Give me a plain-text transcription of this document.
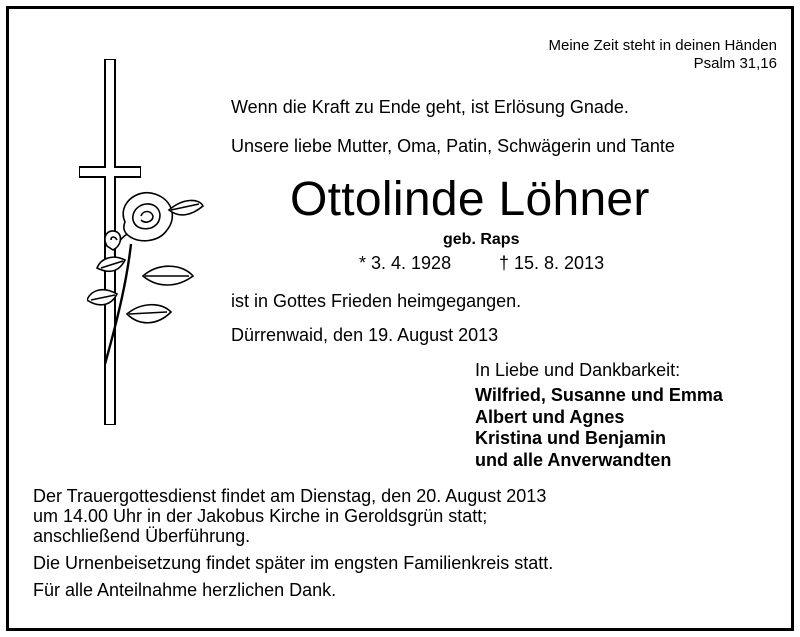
Meine Zeit steht in deinen Händen
Psalm 31,16
Wenn die Kraft zu Ende geht, ist Erlösung Gnade.
Unsere liebe Mutter, Oma, Patin, Schwägerin und Tante
Ottolinde Löhner
geb. Raps
* 3. 4. 1928	† 15. 8. 2013
ist in Gottes Frieden heimgegangen.
Dürrenwaid, den 19. August 2013
In Liebe und Dankbarkeit:
Wilfried, Susanne und Emma
Albert und Agnes
Kristina und Benjamin
und alle Anverwandten
Der Trauergottesdienst findet am Dienstag, den 20. August 2013
um 14.00 Uhr in der Jakobus Kirche in Geroldsgrün statt;
anschließend Überführung.
Die Urnenbeisetzung findet später im engsten Familienkreis statt.
Für alle Anteilnahme herzlichen Dank.
